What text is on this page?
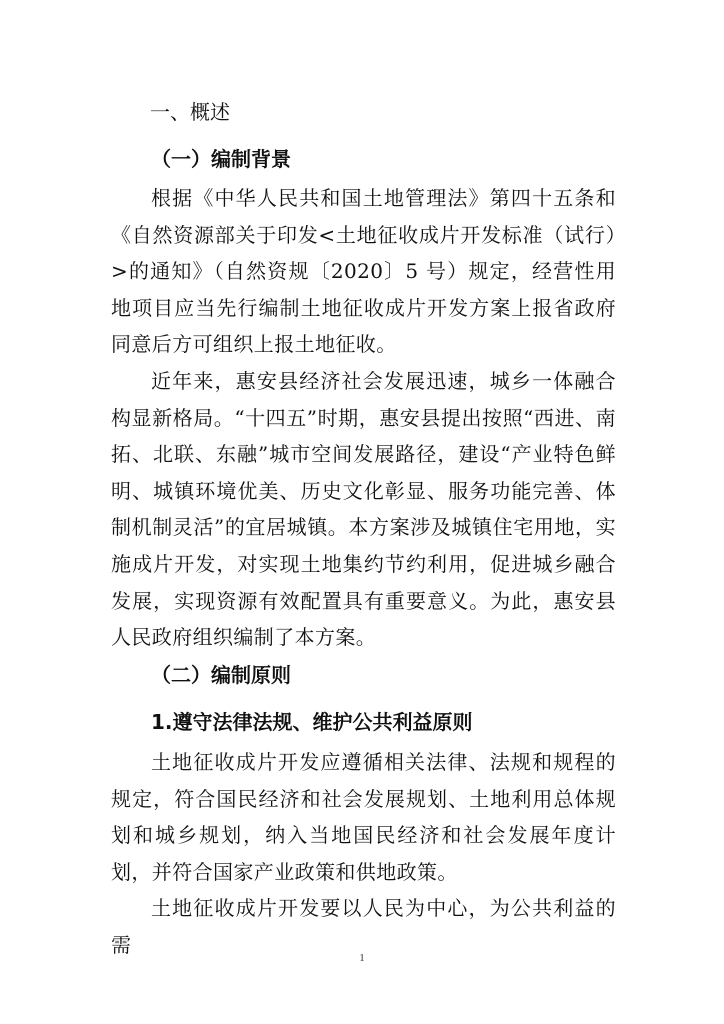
一、概述
（一）编制背景
根据《中华人民共和国土地管理法》第四十五条和《自然资源部关于印发<土地征收成片开发标准（试行）>的通知》（自然资规〔2020〕5 号）规定，经营性用地项目应当先行编制土地征收成片开发方案上报省政府同意后方可组织上报土地征收。
近年来，惠安县经济社会发展迅速，城乡一体融合构显新格局。“十四五”时期，惠安县提出按照“西进、南拓、北联、东融”城市空间发展路径，建设“产业特色鲜明、城镇环境优美、历史文化彰显、服务功能完善、体制机制灵活”的宜居城镇。本方案涉及城镇住宅用地，实施成片开发，对实现土地集约节约利用，促进城乡融合发展，实现资源有效配置具有重要意义。为此，惠安县人民政府组织编制了本方案。
（二）编制原则
1.遵守法律法规、维护公共利益原则
土地征收成片开发应遵循相关法律、法规和规程的规定，符合国民经济和社会发展规划、土地利用总体规划和城乡规划，纳入当地国民经济和社会发展年度计划，并符合国家产业政策和供地政策。
土地征收成片开发要以人民为中心，为公共利益的需
1
